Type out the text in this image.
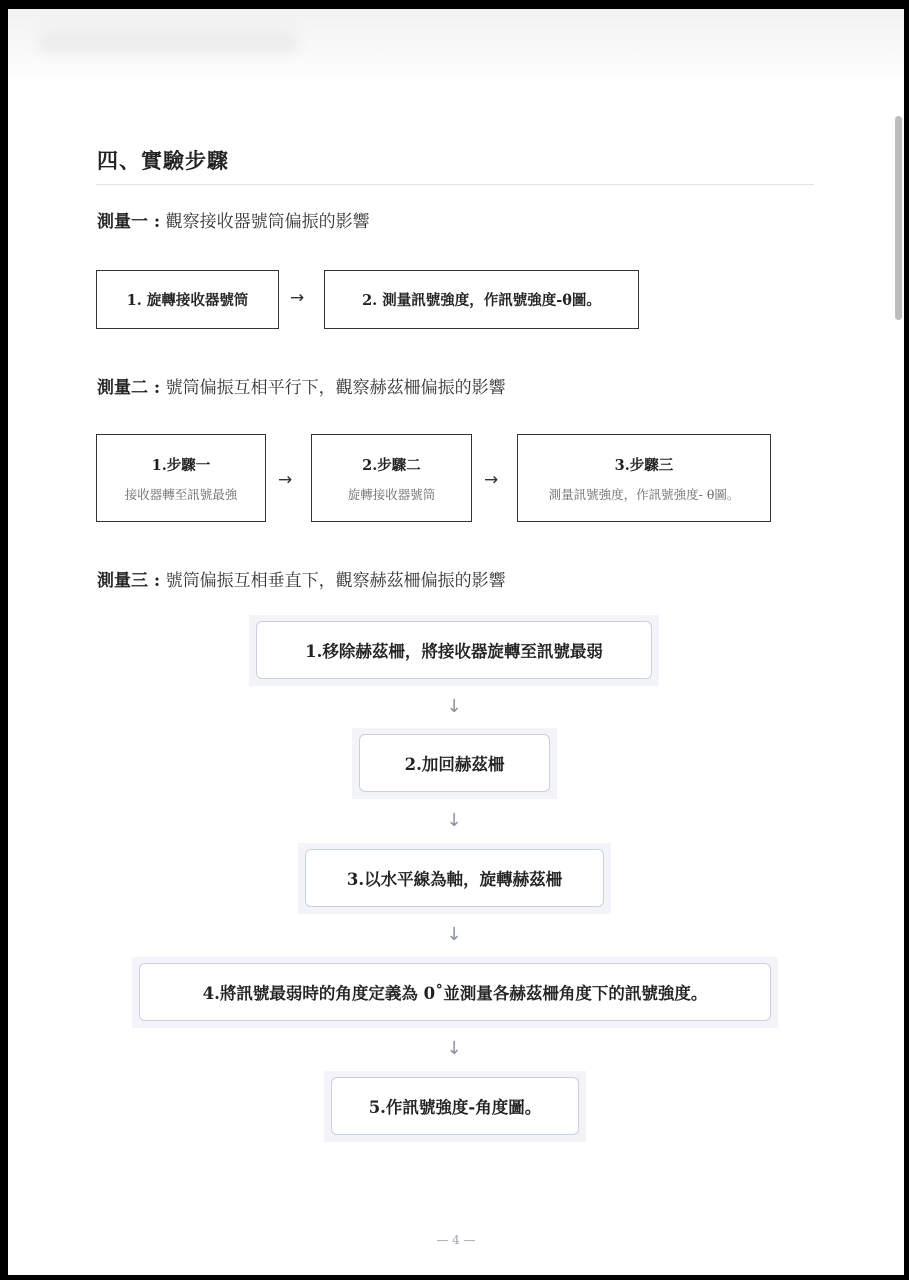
四、實驗步驟
測量一 : 觀察接收器號筒偏振的影響
1. 旋轉接收器號筒 →	2. 測量訊號強度，作訊號強度-θ圖。
測量二 : 號筒偏振互相平行下，觀察赫茲柵偏振的影響
1.步驟一
接收器轉至訊號最強
→
2.步驟二
旋轉接收器號筒
→
3.步驟三
測量訊號強度，作訊號強度- θ圖。
測量三 : 號筒偏振互相垂直下，觀察赫茲柵偏振的影響
1.移除赫茲柵，將接收器旋轉至訊號最弱
↓
2.加回赫茲柵
↓
3.以水平線為軸，旋轉赫茲柵
↓
4.將訊號最弱時的角度定義為 0˚並測量各赫茲柵角度下的訊號強度。
↓
5.作訊號強度-角度圖。
— 4 —
